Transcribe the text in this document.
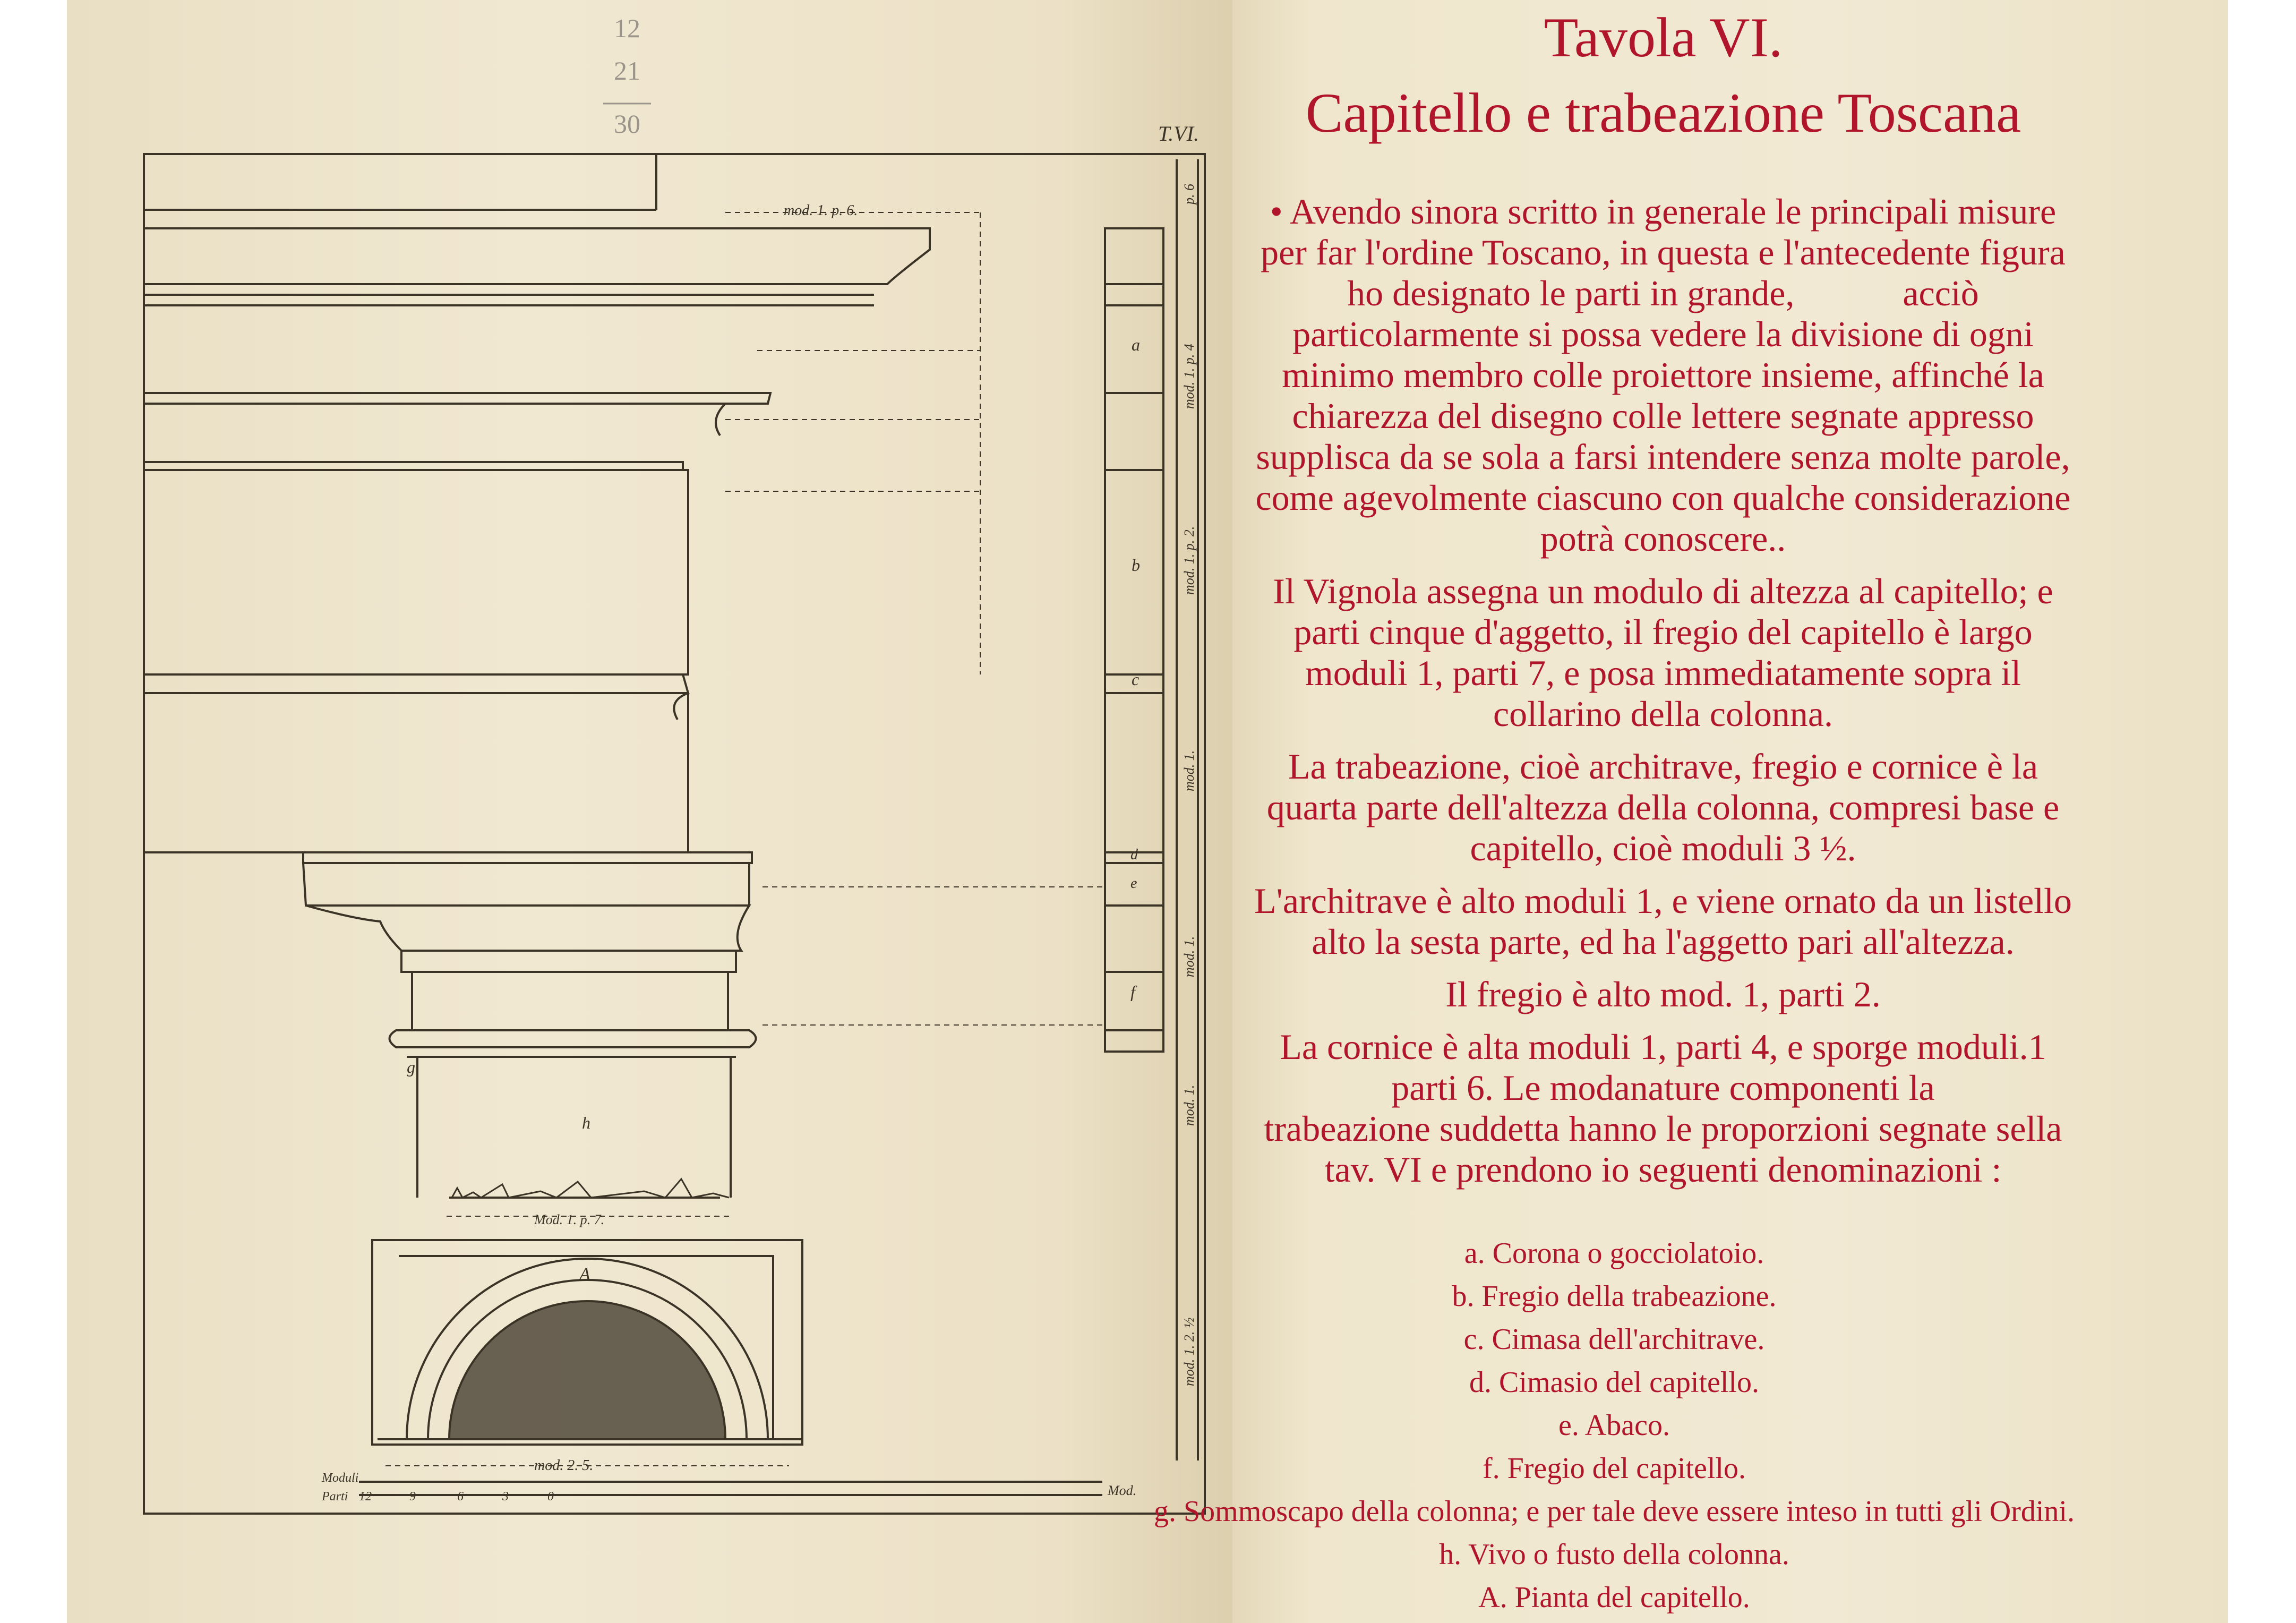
T.VI.
mod. 1. p. 6.
p. 6
mod. 1. p. 4
mod. 1. p. 2.
mod. 1.
mod. 1.
mod. 1.
mod. 1. 2. ½
Mod. 1. p. 7.
mod. 2. 5.
a
b
c
d
e
f
g
h
A
Moduli
Parti 12	9	6	3	0	Mod.
12
21
30
Tavola VI.
Capitello e trabeazione Toscana

• Avendo sinora scritto in generale le principali misure
per far l'ordine Toscano, in questa e l'antecedente figura
ho designato le parti in grande,            acciò
particolarmente si possa vedere la divisione di ogni
minimo membro colle proiettore insieme, affinché la
chiarezza del disegno colle lettere segnate appresso
supplisca da se sola a farsi intendere senza molte parole,
come agevolmente ciascuno con qualche considerazione
potrà conoscere..

Il Vignola assegna un modulo di altezza al capitello; e
parti cinque d'aggetto, il fregio del capitello è largo
moduli 1, parti 7, e posa immediatamente sopra il
collarino della colonna.

La trabeazione, cioè architrave, fregio e cornice è la
quarta parte dell'altezza della colonna, compresi base e
capitello, cioè moduli 3 ½.

L'architrave è alto moduli 1, e viene ornato da un listello
alto la sesta parte, ed ha l'aggetto pari all'altezza.

Il fregio è alto mod. 1, parti 2.

La cornice è alta moduli 1, parti 4, e sporge moduli.1
parti 6. Le modanature componenti la
trabeazione suddetta hanno le proporzioni segnate sella
tav. VI e prendono io seguenti denominazioni :

a. Corona o gocciolatoio.
b. Fregio della trabeazione.
c. Cimasa dell'architrave.
d. Cimasio del capitello.
e. Abaco.
f. Fregio del capitello.
g. Sommoscapo della colonna; e per tale deve essere inteso in tutti gli Ordini.
h. Vivo o fusto della colonna.
A. Pianta del capitello.
